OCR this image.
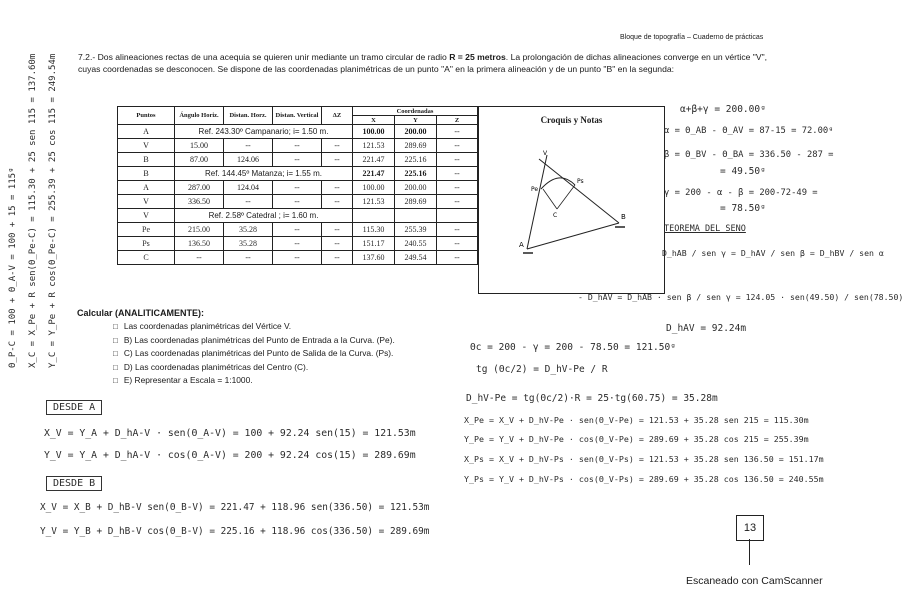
Bloque de topografía – Cuaderno de prácticas
7.2.- Dos alineaciones rectas de una acequia se quieren unir mediante un tramo circular de radio R = 25 metros. La prolongación de dichas alineaciones converge en un vértice "V", cuyas coordenadas se desconocen. Se dispone de las coordenadas planimétricas de un punto "A" en la primera alineación y de un punto "B" en la segunda:
Puntos	Ángulo Horiz.	Distan. Horz.	Distan. Vertical	ΔZ	Coordenadas		
					X	Y	Z
A	Ref. 243.30º Campanario; i= 1.50 m.				100.00	200.00	--
V	15.00	--	--	--	121.53	289.69	--
B	87.00	124.06	--	--	221.47	225.16	--
B	Ref. 144.45º Matanza; i= 1.55 m.				221.47	225.16	--
A	287.00	124.04	--	--	100.00	200.00	--
V	336.50	--	--	--	121.53	289.69	--
V	Ref. 2.58º Catedral ; i= 1.60 m.						
Pe	215.00	35.28	--	--	115.30	255.39	--
Ps	136.50	35.28	--	--	151.17	240.55	--
C	--	--	--	--	137.60	249.54	--
Croquis y Notas
A
B
Pe
Ps
V
C
Calcular (ANALITICAMENTE):
□ Las coordenadas planimétricas del Vértice V.
□ B) Las coordenadas planimétricas del Punto de Entrada a la Curva. (Pe).
□ C) Las coordenadas planimétricas del Punto de Salida de la Curva. (Ps).
□ D) Las coordenadas planimétricas del Centro (C).
□ E) Representar a Escala = 1:1000.
α+β+γ = 200.00ᵍ
α = Θ_AB - Θ_AV = 87-15 = 72.00ᵍ
β = Θ_BV - Θ_BA = 336.50 - 287 =
= 49.50ᵍ
γ = 200 - α - β = 200-72-49 =
= 78.50ᵍ
TEOREMA DEL SENO
D_hAB / sen γ = D_hAV / sen β = D_hBV / sen α
- D_hAV = D_hAB · sen β / sen γ = 124.05 · sen(49.50) / sen(78.50)
D_hAV = 92.24m
Θc = 200 - γ = 200 - 78.50 = 121.50ᵍ
tg (Θc/2) = D_hV-Pe / R
D_hV-Pe = tg(Θc/2)·R = 25·tg(60.75) = 35.28m
X_Pe = X_V + D_hV-Pe · sen(Θ_V-Pe) = 121.53 + 35.28 sen 215 = 115.30m
Y_Pe = Y_V + D_hV-Pe · cos(Θ_V-Pe) = 289.69 + 35.28 cos 215 = 255.39m
X_Ps = X_V + D_hV-Ps · sen(Θ_V-Ps) = 121.53 + 35.28 sen 136.50 = 151.17m
Y_Ps = Y_V + D_hV-Ps · cos(Θ_V-Ps) = 289.69 + 35.28 cos 136.50 = 240.55m
DESDE A
X_V = Y_A + D_hA-V · sen(Θ_A-V) = 100 + 92.24 sen(15) = 121.53m
Y_V = Y_A + D_hA-V · cos(Θ_A-V) = 200 + 92.24 cos(15) = 289.69m
DESDE B
X_V = X_B + D_hB-V sen(Θ_B-V) = 221.47 + 118.96 sen(336.50) = 121.53m
Y_V = Y_B + D_hB-V cos(Θ_B-V) = 225.16 + 118.96 cos(336.50) = 289.69m
Θ_P-C = 100 + Θ_A-V = 100 + 15 = 115ᵍ X_C = X_Pe + R sen(Θ_Pe-C) = 115.30 + 25 sen 115 = 137.60m Y_C = Y_Pe + R cos(Θ_Pe-C) = 255.39 + 25 cos 115 = 249.54m
13
Escaneado con CamScanner
